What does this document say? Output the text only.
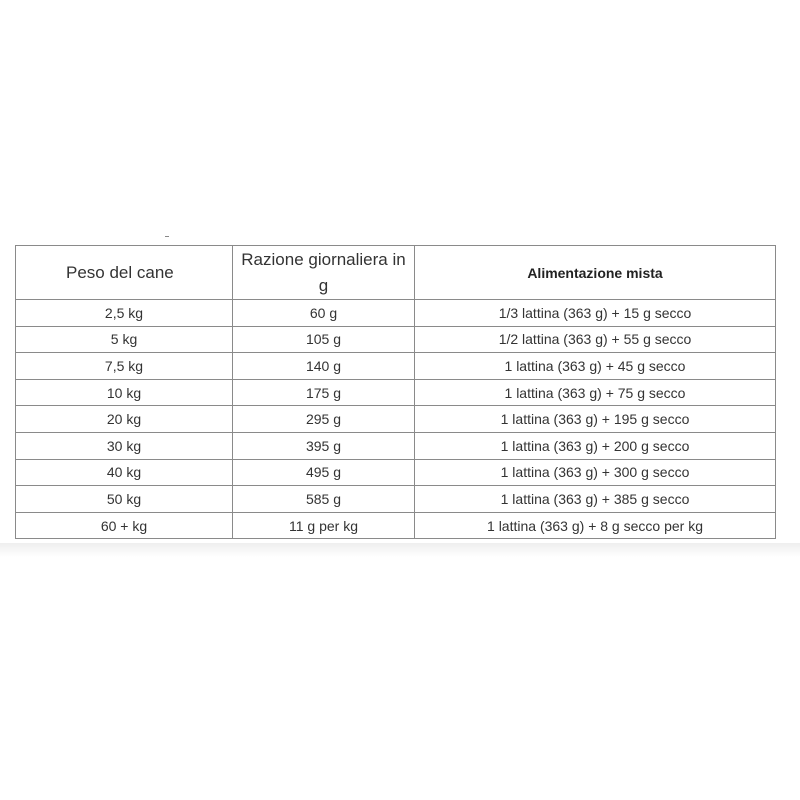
Peso del cane	Razione giornaliera in g	Alimentazione mista
2,5 kg	60 g	1/3 lattina (363 g) + 15 g secco
5 kg	105 g	1/2 lattina (363 g) + 55 g secco
7,5 kg	140 g	1 lattina (363 g) + 45 g secco
10 kg	175 g	1 lattina (363 g) + 75 g secco
20 kg	295 g	1 lattina (363 g) + 195 g secco
30 kg	395 g	1 lattina (363 g) + 200 g secco
40 kg	495 g	1 lattina (363 g) + 300 g secco
50 kg	585 g	1 lattina (363 g) + 385 g secco
60 + kg	11 g per kg	1 lattina (363 g) + 8 g secco per kg
